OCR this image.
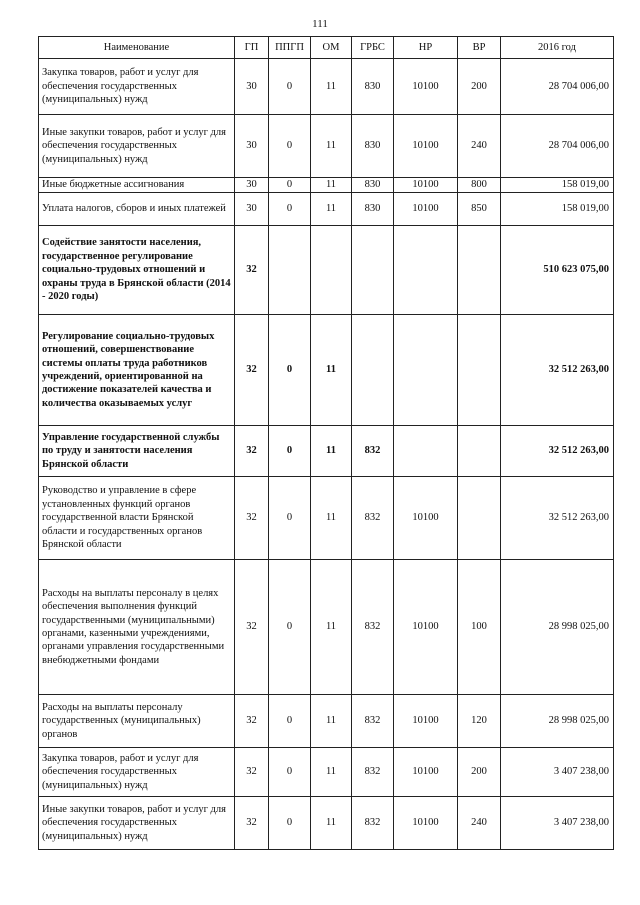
111
Наименование	ГП	ППГП	ОМ	ГРБС	НР	ВР	2016 год
Закупка товаров, работ и услуг для обеспечения государственных (муниципальных) нужд	30	0	11	830	10100	200	28 704 006,00
Иные закупки товаров, работ и услуг для обеспечения государственных (муниципальных) нужд	30	0	11	830	10100	240	28 704 006,00
Иные бюджетные ассигнования	30	0	11	830	10100	800	158 019,00
Уплата налогов, сборов и иных платежей	30	0	11	830	10100	850	158 019,00
Содействие занятости населения, государственное регулирование социально-трудовых отношений и охраны труда в Брянской области (2014 - 2020 годы)	32						510 623 075,00
Регулирование социально-трудовых отношений, совершенствование системы оплаты труда работников учреждений, ориентированной на достижение показателей качества и количества оказываемых услуг	32	0	11				32 512 263,00
Управление государственной службы по труду и занятости населения Брянской области	32	0	11	832			32 512 263,00
Руководство и управление в сфере установленных функций органов государственной власти Брянской области и государственных органов Брянской области	32	0	11	832	10100		32 512 263,00
Расходы на выплаты персоналу в целях обеспечения выполнения функций государственными (муниципальными) органами, казенными учреждениями, органами управления государственными внебюджетными фондами	32	0	11	832	10100	100	28 998 025,00
Расходы на выплаты персоналу государственных (муниципальных) органов	32	0	11	832	10100	120	28 998 025,00
Закупка товаров, работ и услуг для обеспечения государственных (муниципальных) нужд	32	0	11	832	10100	200	3 407 238,00
Иные закупки товаров, работ и услуг для обеспечения государственных (муниципальных) нужд	32	0	11	832	10100	240	3 407 238,00
